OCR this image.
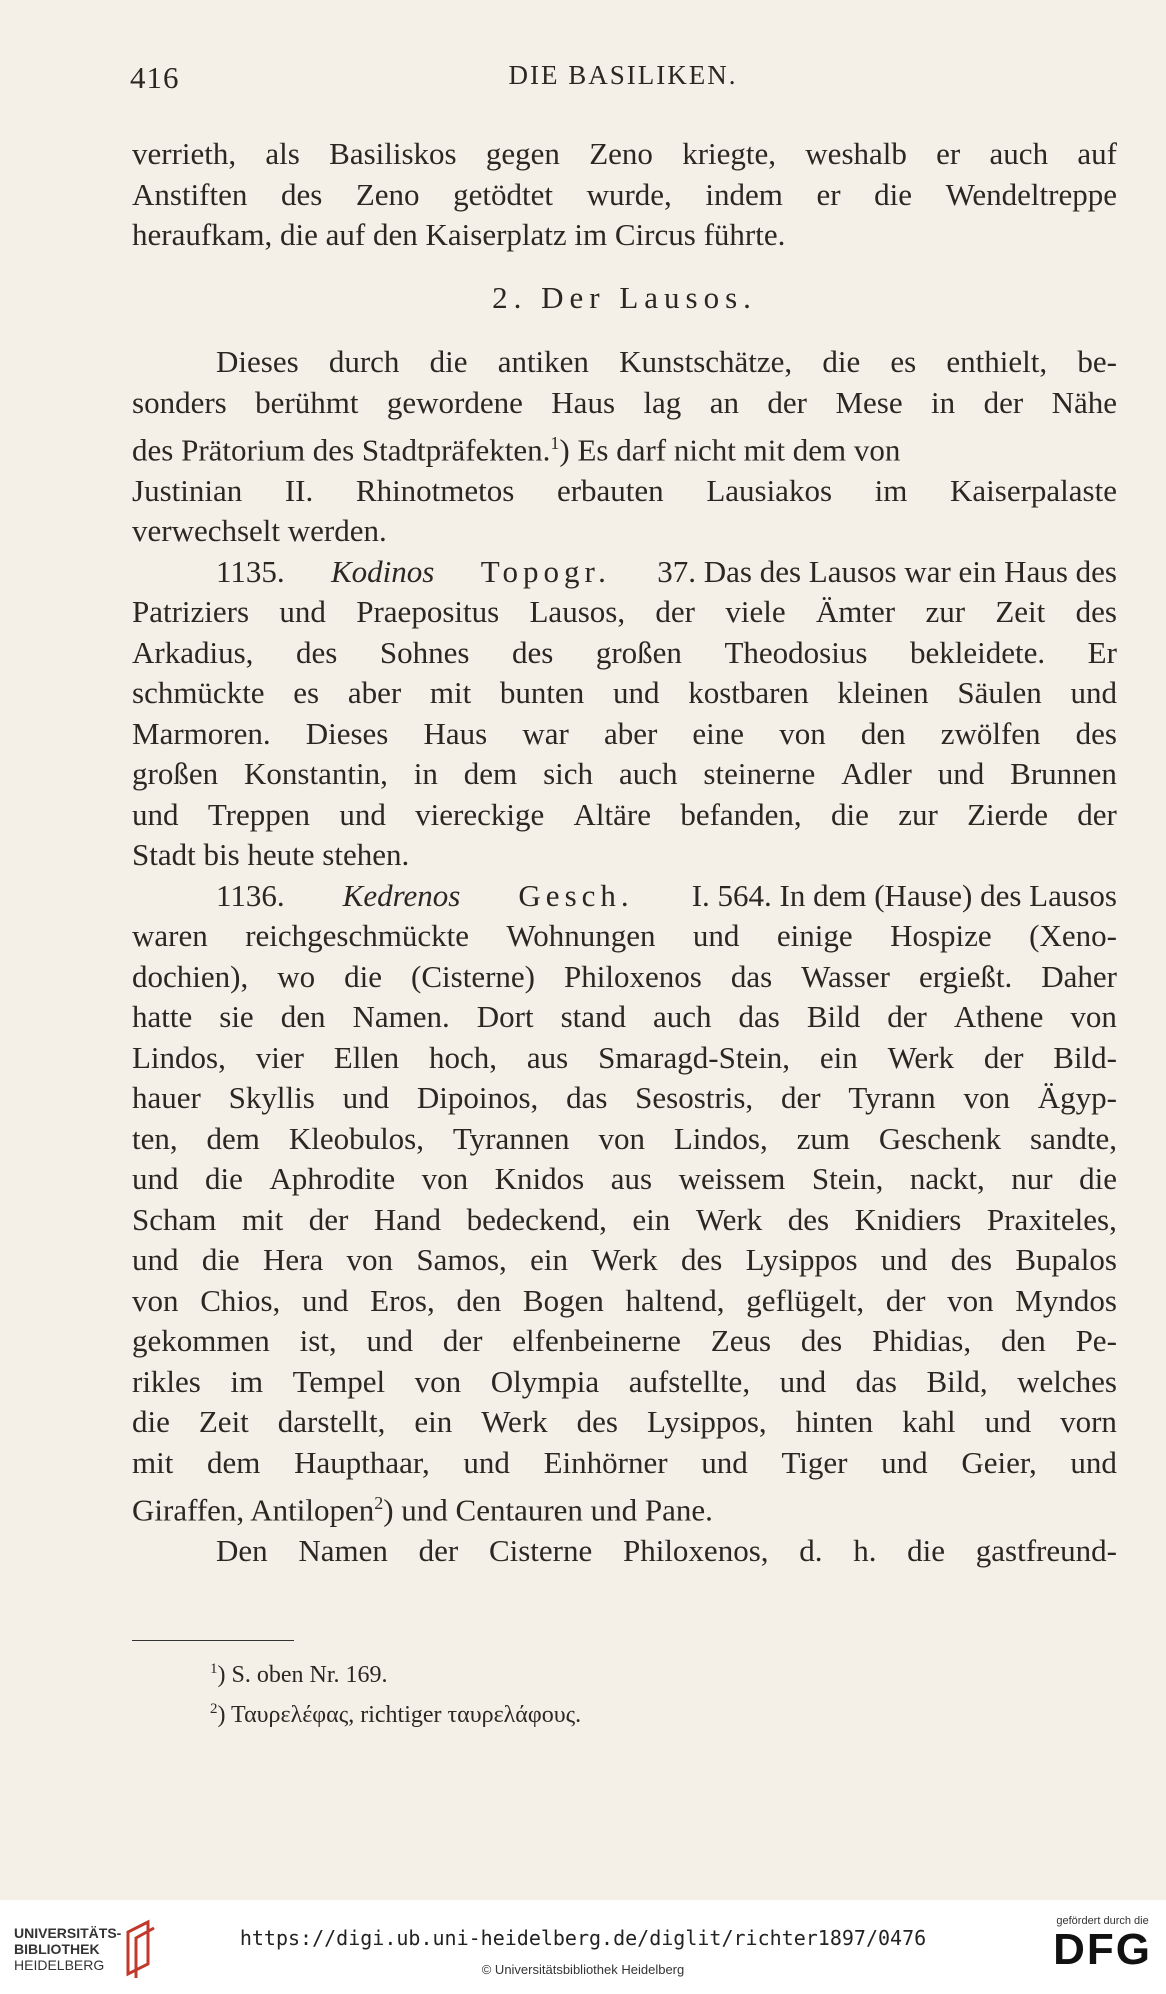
416	DIE BASILIKEN.
verrieth, als Basiliskos gegen Zeno kriegte, weshalb er auch auf
Anstiften des Zeno getödtet wurde, indem er die Wendeltreppe
heraufkam, die auf den Kaiserplatz im Circus führte.
2. Der Lausos.
Dieses durch die antiken Kunstschätze, die es enthielt, be-
sonders berühmt gewordene Haus lag an der Mese in der Nähe
des Prätorium des Stadtpräfekten.$^1$) Es darf nicht mit dem von
Justinian II. Rhinotmetos erbauten Lausiakos im Kaiserpalaste
verwechselt werden.
1135. Kodinos Topogr. 37. Das des Lausos war ein Haus des
Patriziers und Praepositus Lausos, der viele Ämter zur Zeit des
Arkadius, des Sohnes des großen Theodosius bekleidete. Er
schmückte es aber mit bunten und kostbaren kleinen Säulen und
Marmoren. Dieses Haus war aber eine von den zwölfen des
großen Konstantin, in dem sich auch steinerne Adler und Brunnen
und Treppen und viereckige Altäre befanden, die zur Zierde der
Stadt bis heute stehen.
1136. Kedrenos Gesch. I. 564. In dem (Hause) des Lausos
waren reichgeschmückte Wohnungen und einige Hospize (Xeno-
dochien), wo die (Cisterne) Philoxenos das Wasser ergießt. Daher
hatte sie den Namen. Dort stand auch das Bild der Athene von
Lindos, vier Ellen hoch, aus Smaragd-Stein, ein Werk der Bild-
hauer Skyllis und Dipoinos, das Sesostris, der Tyrann von Ägyp-
ten, dem Kleobulos, Tyrannen von Lindos, zum Geschenk sandte,
und die Aphrodite von Knidos aus weissem Stein, nackt, nur die
Scham mit der Hand bedeckend, ein Werk des Knidiers Praxiteles,
und die Hera von Samos, ein Werk des Lysippos und des Bupalos
von Chios, und Eros, den Bogen haltend, geflügelt, der von Myndos
gekommen ist, und der elfenbeinerne Zeus des Phidias, den Pe-
rikles im Tempel von Olympia aufstellte, und das Bild, welches
die Zeit darstellt, ein Werk des Lysippos, hinten kahl und vorn
mit dem Haupthaar, und Einhörner und Tiger und Geier, und
Giraffen, Antilopen$^2$) und Centauren und Pane.
Den Namen der Cisterne Philoxenos, d. h. die gastfreund-
$^1$) S. oben Nr. 169.
$^2$) Ταυρελέφας, richtiger ταυρελάφους.
UNIVERSITÄTS-
BIBLIOTHEK
HEIDELBERG
https://digi.ub.uni-heidelberg.de/diglit/richter1897/0476
© Universitätsbibliothek Heidelberg
gefördert durch die
DFG
